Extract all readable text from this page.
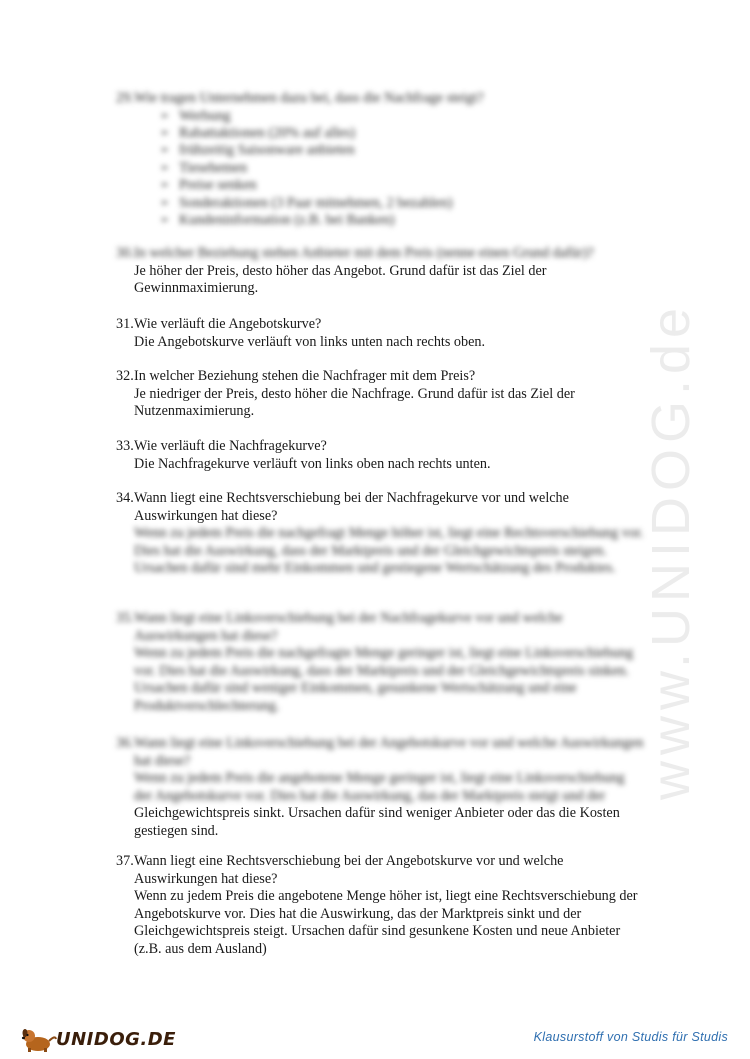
www.UNIDOG.de
29. Wie tragen Unternehmen dazu bei, dass die Nachfrage steigt?
➢ Werbung
➢ Rabattaktionen (20% auf alles)
➢ frühzeitig Saisonware anbieten
➢ Tiesehemen
➢ Preise senken
➢ Sonderaktionen (3 Paar mitnehmen, 2 bezahlen)
➢ Kundeninformation (z.B. bei Banken)
30. In welcher Beziehung stehen Anbieter mit dem Preis (nenne einen Grund dafür)?
Je höher der Preis, desto höher das Angebot. Grund dafür ist das Ziel der Gewinnmaximierung.
31. Wie verläuft die Angebotskurve?
Die Angebotskurve verläuft von links unten nach rechts oben.
32. In welcher Beziehung stehen die Nachfrager mit dem Preis?
Je niedriger der Preis, desto höher die Nachfrage. Grund dafür ist das Ziel der Nutzenmaximierung.
33. Wie verläuft die Nachfragekurve?
Die Nachfragekurve verläuft von links oben nach rechts unten.
34. Wann liegt eine Rechtsverschiebung bei der Nachfragekurve vor und welche Auswirkungen hat diese?
Wenn zu jedem Preis die nachgefragt Menge höher ist, liegt eine Rechtsverschiebung vor. Dies hat die Auswirkung, dass der Marktpreis und der Gleichgewichtspreis steigen. Ursachen dafür sind mehr Einkommen und gestiegene Wertschätzung des Produktes.
35. Wann liegt eine Linksverschiebung bei der Nachfragekurve vor und welche Auswirkungen hat diese?
Wenn zu jedem Preis die nachgefragte Menge geringer ist, liegt eine Linksverschiebung vor. Dies hat die Auswirkung, dass der Marktpreis und der Gleichgewichtspreis sinken. Ursachen dafür sind weniger Einkommen, gesunkene Wertschätzung und eine Produktverschlechterung.
36. Wann liegt eine Linksverschiebung bei der Angebotskurve vor und welche Auswirkungen hat diese?
Wenn zu jedem Preis die angebotene Menge geringer ist, liegt eine Linksverschiebung der Angebotskurve vor. Dies hat die Auswirkung, das der Marktpreis steigt und der
Gleichgewichtspreis sinkt. Ursachen dafür sind weniger Anbieter oder das die Kosten gestiegen sind.
37. Wann liegt eine Rechtsverschiebung bei der Angebotskurve vor und welche Auswirkungen hat diese?
Wenn zu jedem Preis die angebotene Menge höher ist, liegt eine Rechtsverschiebung der Angebotskurve vor. Dies hat die Auswirkung, das der Marktpreis sinkt und der Gleichgewichtspreis steigt. Ursachen dafür sind gesunkene Kosten und neue Anbieter (z.B. aus dem Ausland)
UNIDOG.DE	Klausurstoff von Studis für Studis
